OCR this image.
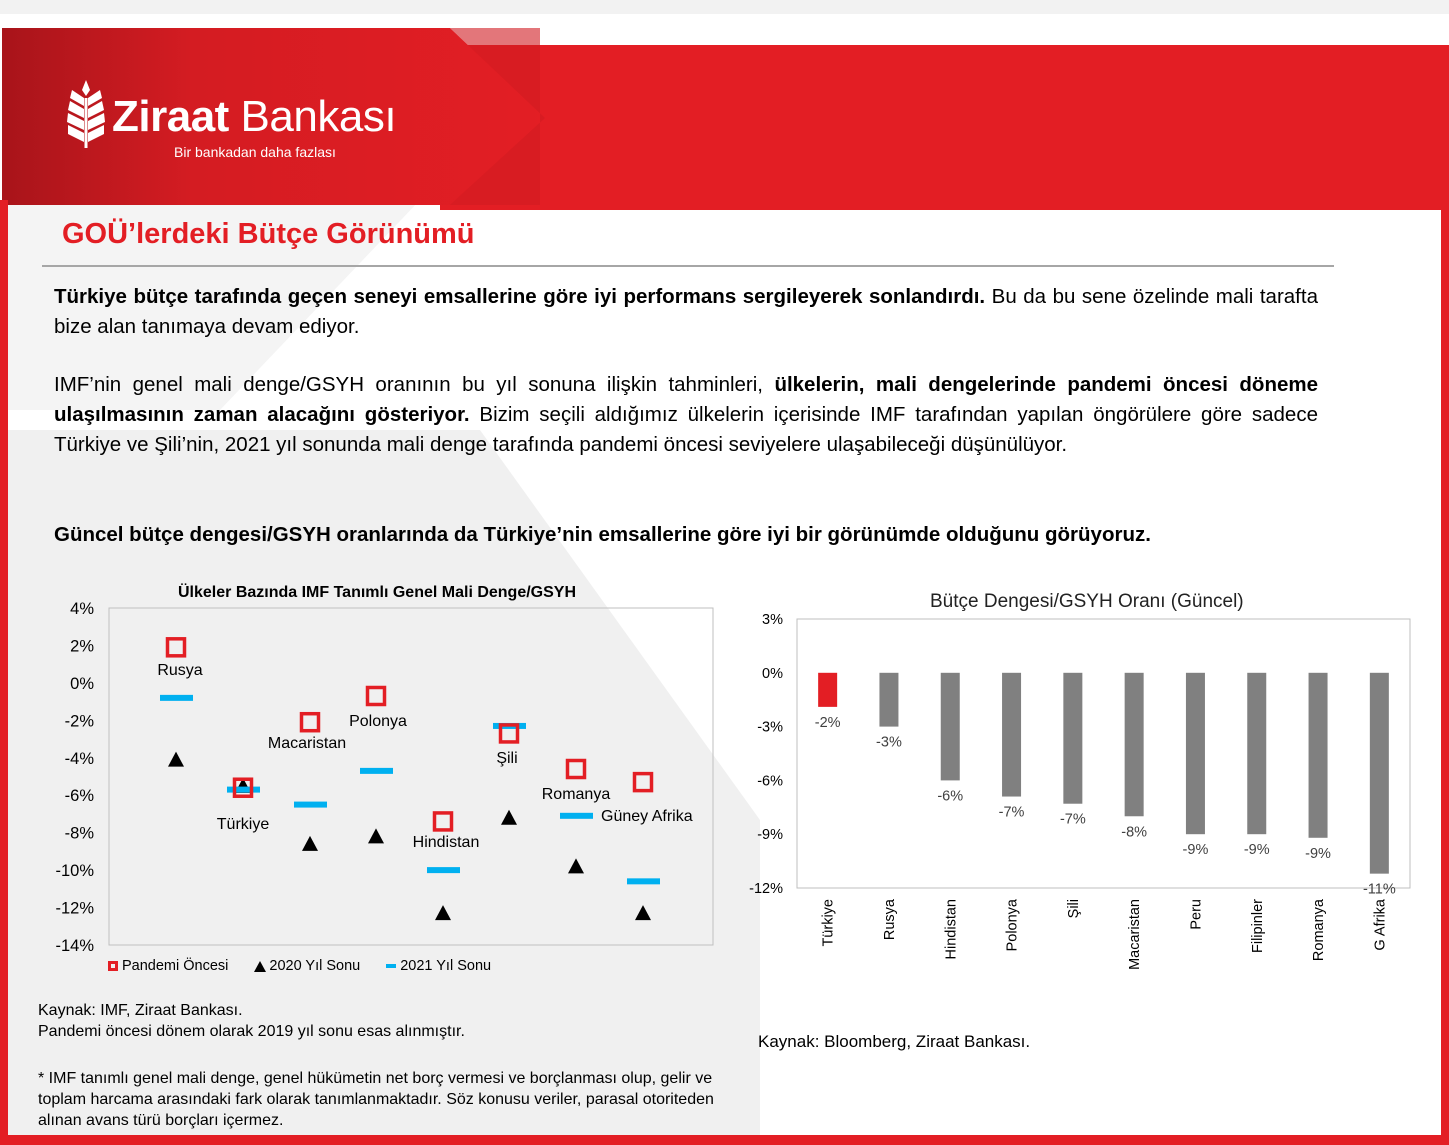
Ziraat Bankası
Bir bankadan daha fazlası
GOÜ’lerdeki Bütçe Görünümü
Türkiye bütçe tarafında geçen seneyi emsallerine göre iyi performans sergileyerek sonlandırdı. Bu da bu sene özelinde mali tarafta bize alan tanımaya devam ediyor.
IMF’nin genel mali denge/GSYH oranının bu yıl sonuna ilişkin tahminleri, ülkelerin, mali dengelerinde pandemi öncesi döneme ulaşılmasının zaman alacağını gösteriyor. Bizim seçili aldığımız ülkelerin içerisinde IMF tarafından yapılan öngörülere göre sadece Türkiye ve Şili’nin, 2021 yıl sonunda mali denge tarafında pandemi öncesi seviyelere ulaşabileceği düşünülüyor.
Güncel bütçe dengesi/GSYH oranlarında da Türkiye’nin emsallerine göre iyi bir görünümde olduğunu görüyoruz.
Ülkeler Bazında IMF Tanımlı Genel Mali Denge/GSYH	Bütçe Dengesi/GSYH Oranı (Güncel)
4%
2%
0%
-2%
-4%
-6%
-8%
-10%
-12%
-14%
Rusya
Türkiye
Macaristan
Polonya
Hindistan
Şili
Romanya
Güney Afrika
3%
0%
-3%
-6%
-9%
-12%
-2%
Türkiye
-3%
Rusya
-6%
Hindistan
-7%
Polonya
-7%
Şili
-8%
Macaristan
-9%
Peru
-9%
Filipinler
-9%
Romanya
-11%
G Afrika
Pandemi Öncesi	2020 Yıl Sonu	2021 Yıl Sonu
Kaynak: IMF, Ziraat Bankası.
Pandemi öncesi dönem olarak 2019 yıl sonu esas alınmıştır.
* IMF tanımlı genel mali denge, genel hükümetin net borç vermesi ve borçlanması olup, gelir ve toplam harcama arasındaki fark olarak tanımlanmaktadır. Söz konusu veriler, parasal otoriteden alınan avans türü borçları içermez.
Kaynak: Bloomberg, Ziraat Bankası.
